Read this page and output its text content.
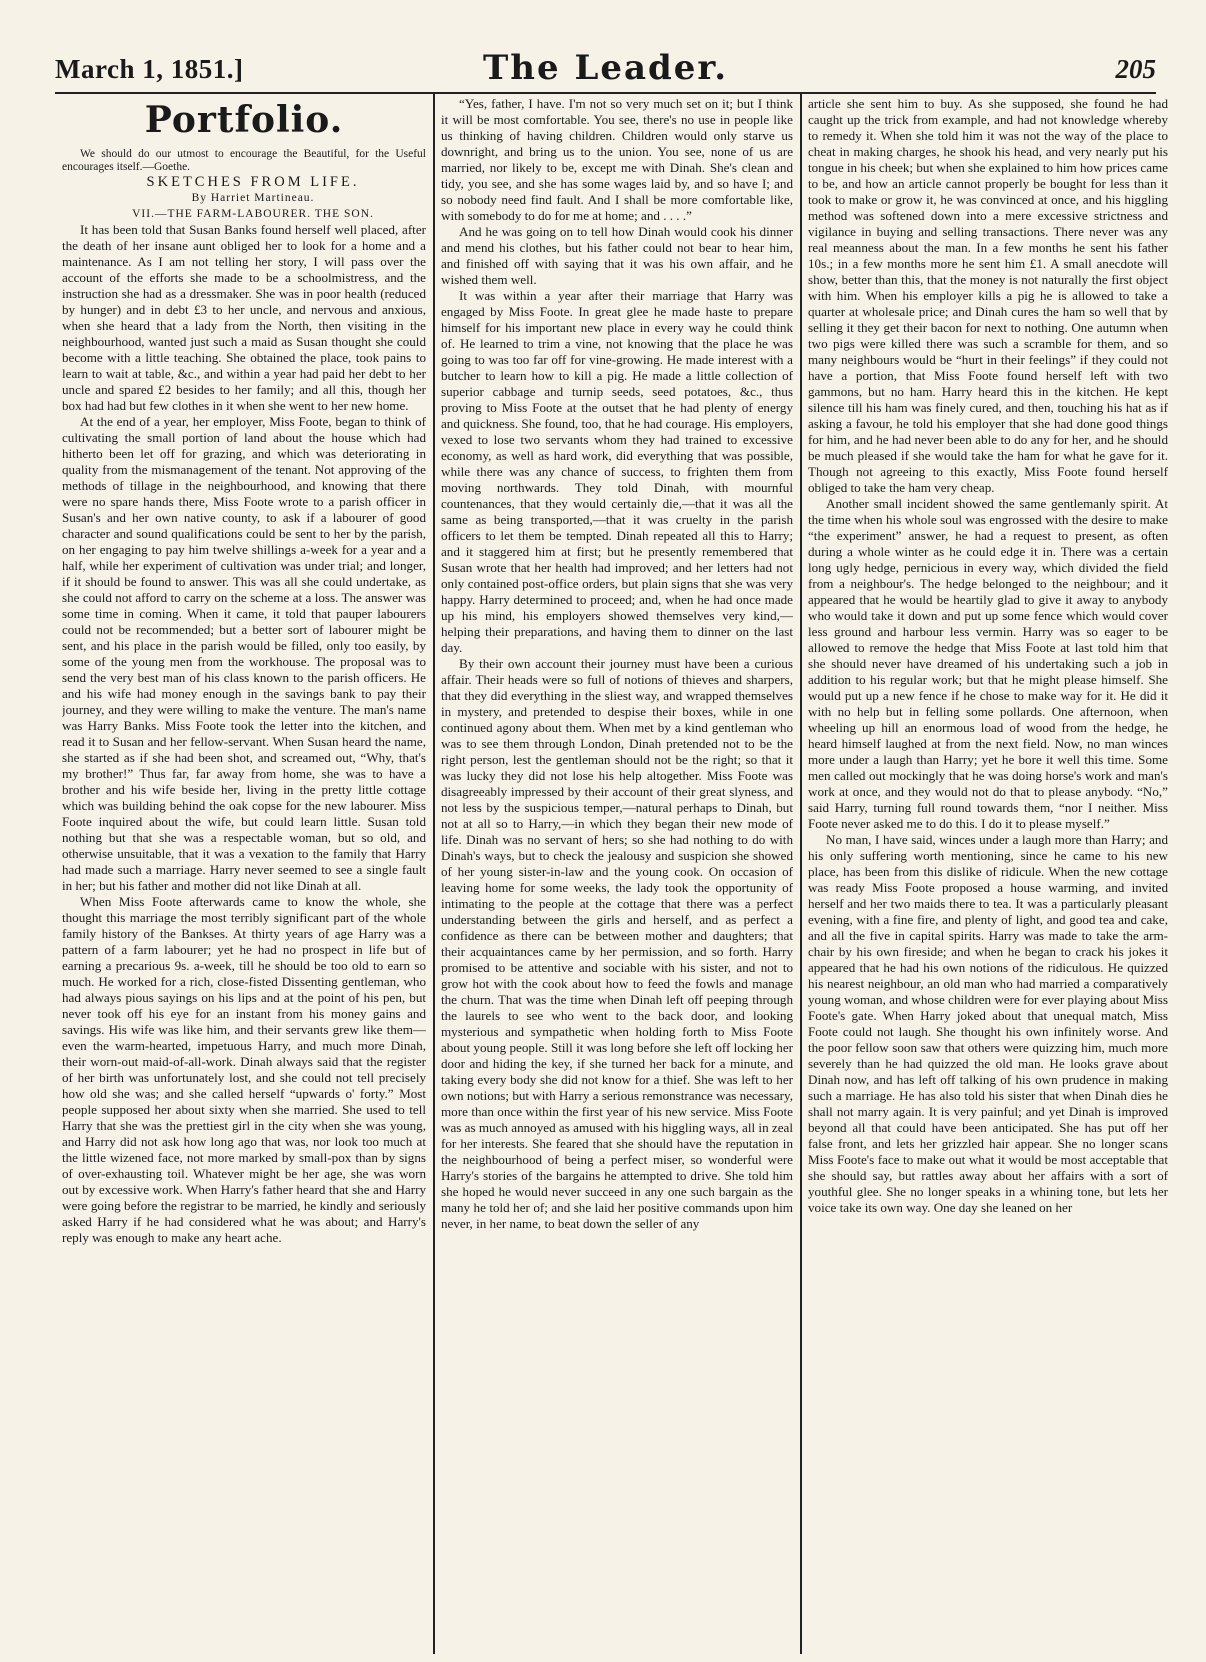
March 1, 1851.]	The Leader.	205
Portfolio.

We should do our utmost to encourage the Beautiful, for the Useful encourages itself.—Goethe.

SKETCHES FROM LIFE.

By Harriet Martineau.

VII.—THE FARM-LABOURER. THE SON.

It has been told that Susan Banks found herself well placed, after the death of her insane aunt obliged her to look for a home and a maintenance. As I am not telling her story, I will pass over the account of the efforts she made to be a schoolmistress, and the instruction she had as a dressmaker. She was in poor health (reduced by hunger) and in debt £3 to her uncle, and nervous and anxious, when she heard that a lady from the North, then visiting in the neighbourhood, wanted just such a maid as Susan thought she could become with a little teaching. She obtained the place, took pains to learn to wait at table, &c., and within a year had paid her debt to her uncle and spared £2 besides to her family; and all this, though her box had had but few clothes in it when she went to her new home.

At the end of a year, her employer, Miss Foote, began to think of cultivating the small portion of land about the house which had hitherto been let off for grazing, and which was deteriorating in quality from the mismanagement of the tenant. Not approving of the methods of tillage in the neighbourhood, and knowing that there were no spare hands there, Miss Foote wrote to a parish officer in Susan's and her own native county, to ask if a labourer of good character and sound qualifications could be sent to her by the parish, on her engaging to pay him twelve shillings a-week for a year and a half, while her experiment of cultivation was under trial; and longer, if it should be found to answer. This was all she could undertake, as she could not afford to carry on the scheme at a loss. The answer was some time in coming. When it came, it told that pauper labourers could not be recommended; but a better sort of labourer might be sent, and his place in the parish would be filled, only too easily, by some of the young men from the workhouse. The proposal was to send the very best man of his class known to the parish officers. He and his wife had money enough in the savings bank to pay their journey, and they were willing to make the venture. The man's name was Harry Banks. Miss Foote took the letter into the kitchen, and read it to Susan and her fellow-servant. When Susan heard the name, she started as if she had been shot, and screamed out, “Why, that's my brother!” Thus far, far away from home, she was to have a brother and his wife beside her, living in the pretty little cottage which was building behind the oak copse for the new labourer. Miss Foote inquired about the wife, but could learn little. Susan told nothing but that she was a respectable woman, but so old, and otherwise unsuitable, that it was a vexation to the family that Harry had made such a marriage. Harry never seemed to see a single fault in her; but his father and mother did not like Dinah at all.

When Miss Foote afterwards came to know the whole, she thought this marriage the most terribly significant part of the whole family history of the Bankses. At thirty years of age Harry was a pattern of a farm labourer; yet he had no prospect in life but of earning a precarious 9s. a-week, till he should be too old to earn so much. He worked for a rich, close-fisted Dissenting gentleman, who had always pious sayings on his lips and at the point of his pen, but never took off his eye for an instant from his money gains and savings. His wife was like him, and their servants grew like them—even the warm-hearted, impetuous Harry, and much more Dinah, their worn-out maid-of-all-work. Dinah always said that the register of her birth was unfortunately lost, and she could not tell precisely how old she was; and she called herself “upwards o' forty.” Most people supposed her about sixty when she married. She used to tell Harry that she was the prettiest girl in the city when she was young, and Harry did not ask how long ago that was, nor look too much at the little wizened face, not more marked by small-pox than by signs of over-exhausting toil. Whatever might be her age, she was worn out by excessive work. When Harry's father heard that she and Harry were going before the registrar to be married, he kindly and seriously asked Harry if he had considered what he was about; and Harry's reply was enough to make any heart ache.

“Yes, father, I have. I'm not so very much set on it; but I think it will be most comfortable. You see, there's no use in people like us thinking of having children. Children would only starve us downright, and bring us to the union. You see, none of us are married, nor likely to be, except me with Dinah. She's clean and tidy, you see, and she has some wages laid by, and so have I; and so nobody need find fault. And I shall be more comfortable like, with somebody to do for me at home; and . . . .”

And he was going on to tell how Dinah would cook his dinner and mend his clothes, but his father could not bear to hear him, and finished off with saying that it was his own affair, and he wished them well.

It was within a year after their marriage that Harry was engaged by Miss Foote. In great glee he made haste to prepare himself for his important new place in every way he could think of. He learned to trim a vine, not knowing that the place he was going to was too far off for vine-growing. He made interest with a butcher to learn how to kill a pig. He made a little collection of superior cabbage and turnip seeds, seed potatoes, &c., thus proving to Miss Foote at the outset that he had plenty of energy and quickness. She found, too, that he had courage. His employers, vexed to lose two servants whom they had trained to excessive economy, as well as hard work, did everything that was possible, while there was any chance of success, to frighten them from moving northwards. They told Dinah, with mournful countenances, that they would certainly die,—that it was all the same as being transported,—that it was cruelty in the parish officers to let them be tempted. Dinah repeated all this to Harry; and it staggered him at first; but he presently remembered that Susan wrote that her health had improved; and her letters had not only contained post-office orders, but plain signs that she was very happy. Harry determined to proceed; and, when he had once made up his mind, his employers showed themselves very kind,—helping their preparations, and having them to dinner on the last day.

By their own account their journey must have been a curious affair. Their heads were so full of notions of thieves and sharpers, that they did everything in the sliest way, and wrapped themselves in mystery, and pretended to despise their boxes, while in one continued agony about them. When met by a kind gentleman who was to see them through London, Dinah pretended not to be the right person, lest the gentleman should not be the right; so that it was lucky they did not lose his help altogether. Miss Foote was disagreeably impressed by their account of their great slyness, and not less by the suspicious temper,—natural perhaps to Dinah, but not at all so to Harry,—in which they began their new mode of life. Dinah was no servant of hers; so she had nothing to do with Dinah's ways, but to check the jealousy and suspicion she showed of her young sister-in-law and the young cook. On occasion of leaving home for some weeks, the lady took the opportunity of intimating to the people at the cottage that there was a perfect understanding between the girls and herself, and as perfect a confidence as there can be between mother and daughters; that their acquaintances came by her permission, and so forth. Harry promised to be attentive and sociable with his sister, and not to grow hot with the cook about how to feed the fowls and manage the churn. That was the time when Dinah left off peeping through the laurels to see who went to the back door, and looking mysterious and sympathetic when holding forth to Miss Foote about young people. Still it was long before she left off locking her door and hiding the key, if she turned her back for a minute, and taking every body she did not know for a thief. She was left to her own notions; but with Harry a serious remonstrance was necessary, more than once within the first year of his new service. Miss Foote was as much annoyed as amused with his higgling ways, all in zeal for her interests. She feared that she should have the reputation in the neighbourhood of being a perfect miser, so wonderful were Harry's stories of the bargains he attempted to drive. She told him she hoped he would never succeed in any one such bargain as the many he told her of; and she laid her positive commands upon him never, in her name, to beat down the seller of any

article she sent him to buy. As she supposed, she found he had caught up the trick from example, and had not knowledge whereby to remedy it. When she told him it was not the way of the place to cheat in making charges, he shook his head, and very nearly put his tongue in his cheek; but when she explained to him how prices came to be, and how an article cannot properly be bought for less than it took to make or grow it, he was convinced at once, and his higgling method was softened down into a mere excessive strictness and vigilance in buying and selling transactions. There never was any real meanness about the man. In a few months he sent his father 10s.; in a few months more he sent him £1. A small anecdote will show, better than this, that the money is not naturally the first object with him. When his employer kills a pig he is allowed to take a quarter at wholesale price; and Dinah cures the ham so well that by selling it they get their bacon for next to nothing. One autumn when two pigs were killed there was such a scramble for them, and so many neighbours would be “hurt in their feelings” if they could not have a portion, that Miss Foote found herself left with two gammons, but no ham. Harry heard this in the kitchen. He kept silence till his ham was finely cured, and then, touching his hat as if asking a favour, he told his employer that she had done good things for him, and he had never been able to do any for her, and he should be much pleased if she would take the ham for what he gave for it. Though not agreeing to this exactly, Miss Foote found herself obliged to take the ham very cheap.

Another small incident showed the same gentlemanly spirit. At the time when his whole soul was engrossed with the desire to make “the experiment” answer, he had a request to present, as often during a whole winter as he could edge it in. There was a certain long ugly hedge, pernicious in every way, which divided the field from a neighbour's. The hedge belonged to the neighbour; and it appeared that he would be heartily glad to give it away to anybody who would take it down and put up some fence which would cover less ground and harbour less vermin. Harry was so eager to be allowed to remove the hedge that Miss Foote at last told him that she should never have dreamed of his undertaking such a job in addition to his regular work; but that he might please himself. She would put up a new fence if he chose to make way for it. He did it with no help but in felling some pollards. One afternoon, when wheeling up hill an enormous load of wood from the hedge, he heard himself laughed at from the next field. Now, no man winces more under a laugh than Harry; yet he bore it well this time. Some men called out mockingly that he was doing horse's work and man's work at once, and they would not do that to please anybody. “No,” said Harry, turning full round towards them, “nor I neither. Miss Foote never asked me to do this. I do it to please myself.”

No man, I have said, winces under a laugh more than Harry; and his only suffering worth mentioning, since he came to his new place, has been from this dislike of ridicule. When the new cottage was ready Miss Foote proposed a house warming, and invited herself and her two maids there to tea. It was a particularly pleasant evening, with a fine fire, and plenty of light, and good tea and cake, and all the five in capital spirits. Harry was made to take the arm-chair by his own fireside; and when he began to crack his jokes it appeared that he had his own notions of the ridiculous. He quizzed his nearest neighbour, an old man who had married a comparatively young woman, and whose children were for ever playing about Miss Foote's gate. When Harry joked about that unequal match, Miss Foote could not laugh. She thought his own infinitely worse. And the poor fellow soon saw that others were quizzing him, much more severely than he had quizzed the old man. He looks grave about Dinah now, and has left off talking of his own prudence in making such a marriage. He has also told his sister that when Dinah dies he shall not marry again. It is very painful; and yet Dinah is improved beyond all that could have been anticipated. She has put off her false front, and lets her grizzled hair appear. She no longer scans Miss Foote's face to make out what it would be most acceptable that she should say, but rattles away about her affairs with a sort of youthful glee. She no longer speaks in a whining tone, but lets her voice take its own way. One day she leaned on her
